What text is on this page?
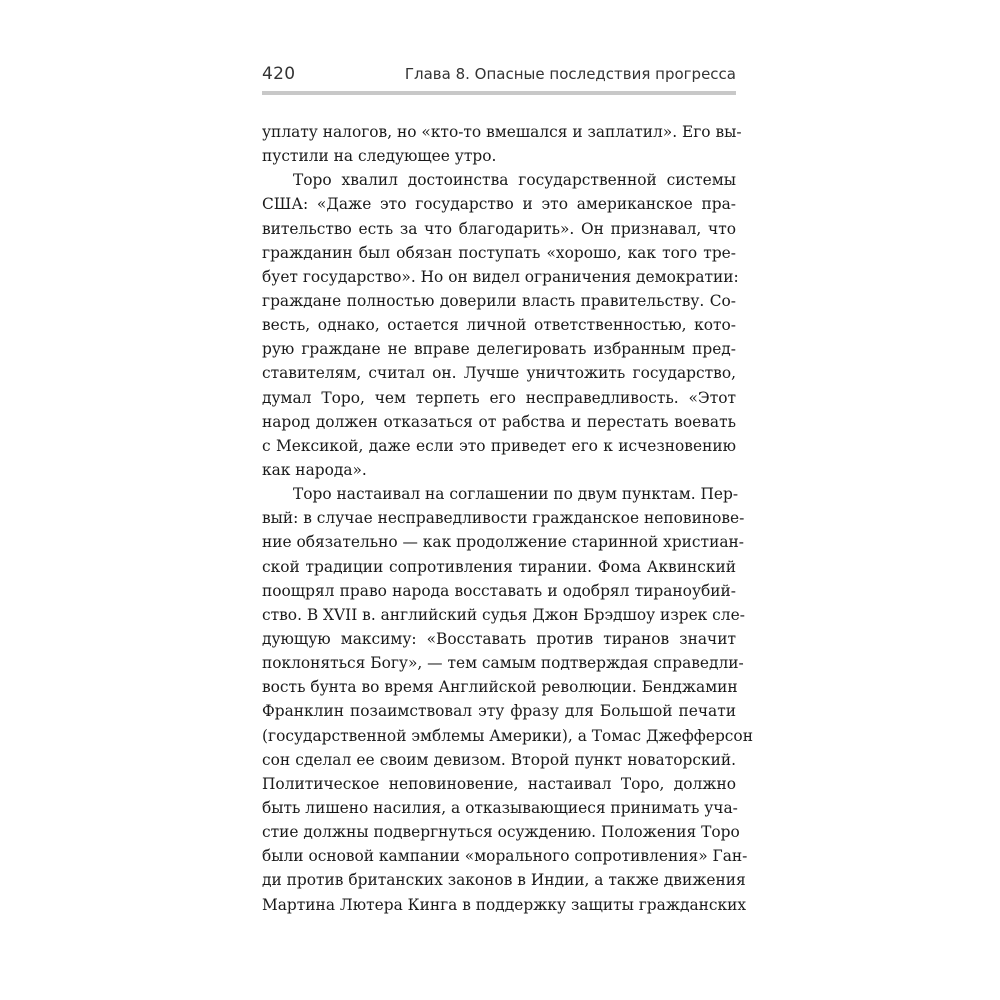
420	Глава 8. Опасные последствия прогресса
уплату налогов, но «кто-то вмешался и заплатил». Его вы-
пустили на следующее утро.
Торо хвалил достоинства государственной системы
США: «Даже это государство и это американское пра-
вительство есть за что благодарить». Он признавал, что
гражданин был обязан поступать «хорошо, как того тре-
бует государство». Но он видел ограничения демократии:
граждане полностью доверили власть правительству. Со-
весть, однако, остается личной ответственностью, кото-
рую граждане не вправе делегировать избранным пред-
ставителям, считал он. Лучше уничтожить государство,
думал Торо, чем терпеть его несправедливость. «Этот
народ должен отказаться от рабства и перестать воевать
с Мексикой, даже если это приведет его к исчезновению
как народа».
Торо настаивал на соглашении по двум пунктам. Пер-
вый: в случае несправедливости гражданское неповинове-
ние обязательно — как продолжение старинной христиан-
ской традиции сопротивления тирании. Фома Аквинский
поощрял право народа восставать и одобрял тираноубий-
ство. В XVII в. английский судья Джон Брэдшоу изрек сле-
дующую максиму: «Восставать против тиранов значит
поклоняться Богу», — тем самым подтверждая справедли-
вость бунта во время Английской революции. Бенджамин
Франклин позаимствовал эту фразу для Большой печати
(государственной эмблемы Америки), а Томас Джефферсон
сон сделал ее своим девизом. Второй пункт новаторский.
Политическое неповиновение, настаивал Торо, должно
быть лишено насилия, а отказывающиеся принимать уча-
стие должны подвергнуться осуждению. Положения Торо
были основой кампании «морального сопротивления» Ган-
ди против британских законов в Индии, а также движения
Мартина Лютера Кинга в поддержку защиты гражданских
